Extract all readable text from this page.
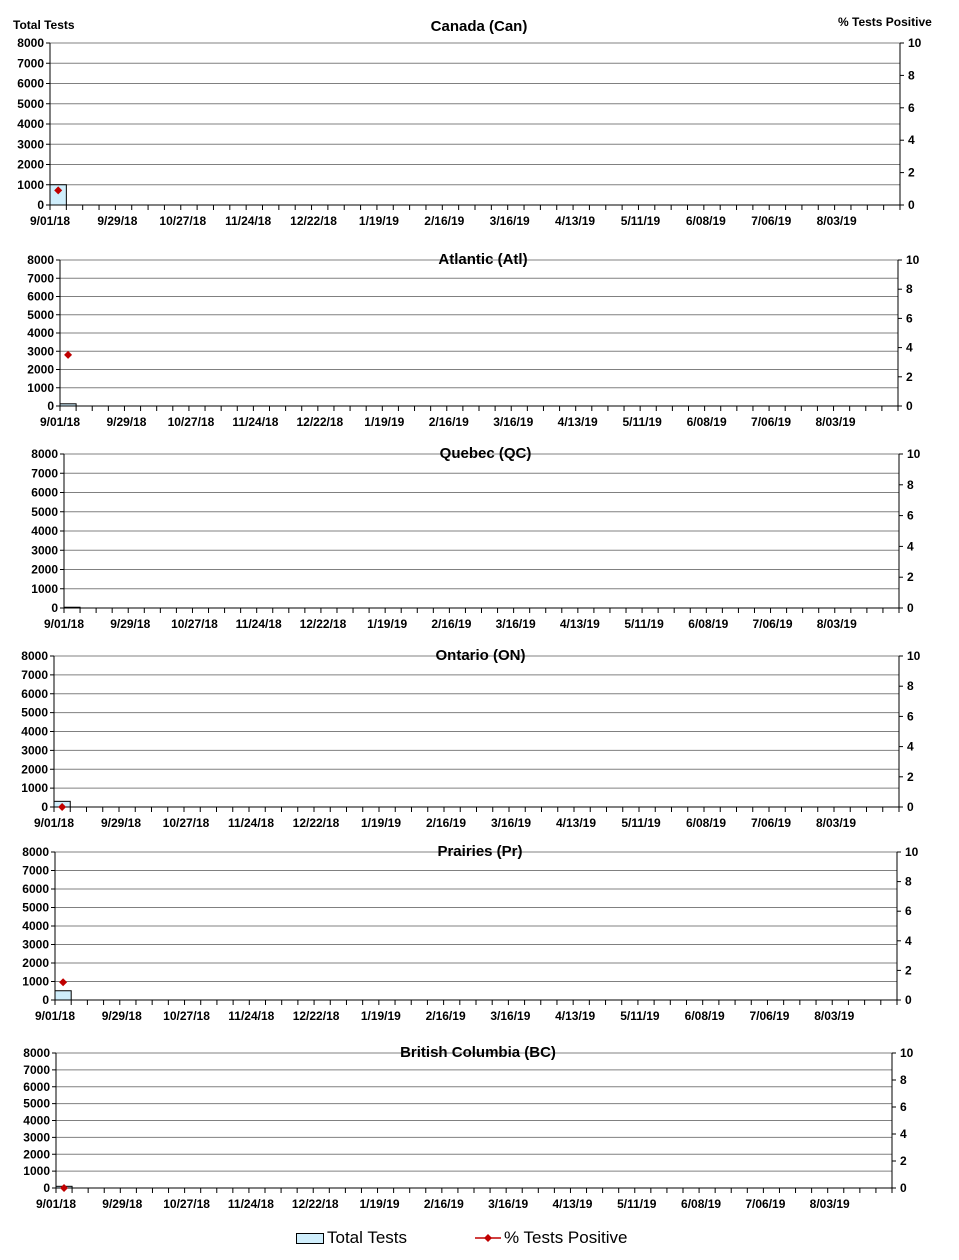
Total Tests	% Tests Positive
0
1000
2000
3000
4000
5000
6000
7000
8000
0
2
4
6
8
10
9/01/18 9/29/18 10/27/18 11/24/18 12/22/18 1/19/19 2/16/19 3/16/19 4/13/19 5/11/19 6/08/19 7/06/19 8/03/19
Canada (Can)
0
1000
2000
3000
4000
5000
6000
7000
8000
0
2
4
6
8
10
9/01/18 9/29/18 10/27/18 11/24/18 12/22/18 1/19/19 2/16/19 3/16/19 4/13/19 5/11/19 6/08/19 7/06/19 8/03/19
Atlantic (Atl)
0
1000
2000
3000
4000
5000
6000
7000
8000
0
2
4
6
8
10
9/01/18 9/29/18 10/27/18 11/24/18 12/22/18 1/19/19 2/16/19 3/16/19 4/13/19 5/11/19 6/08/19 7/06/19 8/03/19
Quebec (QC)
0
1000
2000
3000
4000
5000
6000
7000
8000
0
2
4
6
8
10
9/01/18 9/29/18 10/27/18 11/24/18 12/22/18 1/19/19 2/16/19 3/16/19 4/13/19 5/11/19 6/08/19 7/06/19 8/03/19
Ontario (ON)
0
1000
2000
3000
4000
5000
6000
7000
8000
0
2
4
6
8
10
9/01/18 9/29/18 10/27/18 11/24/18 12/22/18 1/19/19 2/16/19 3/16/19 4/13/19 5/11/19 6/08/19 7/06/19 8/03/19
Prairies (Pr)
0
1000
2000
3000
4000
5000
6000
7000
8000
0
2
4
6
8
10
9/01/18 9/29/18 10/27/18 11/24/18 12/22/18 1/19/19 2/16/19 3/16/19 4/13/19 5/11/19 6/08/19 7/06/19 8/03/19
British Columbia (BC)
Total Tests	% Tests Positive
